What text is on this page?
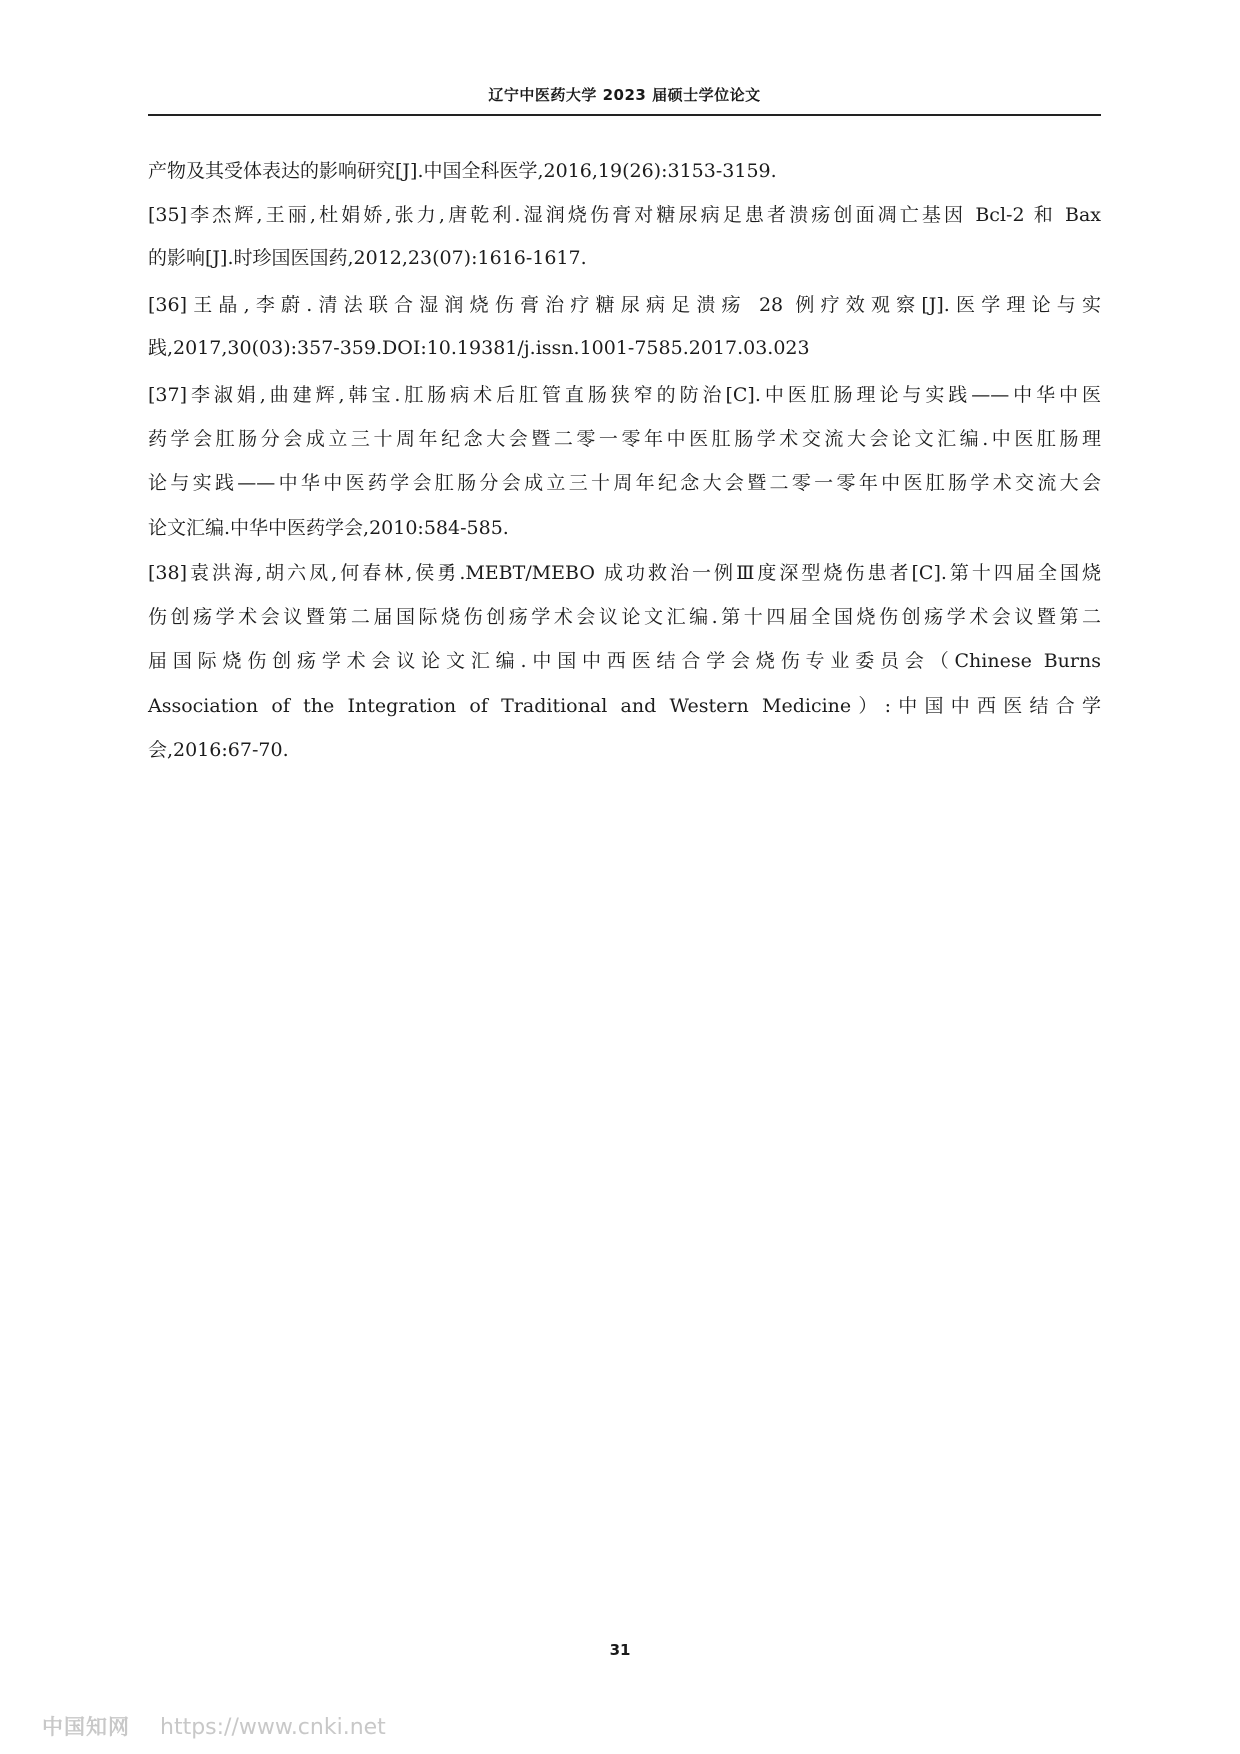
辽宁中医药大学 2023 届硕士学位论文
产物及其受体表达的影响研究[J].中国全科医学,2016,19(26):3153-3159.
[35]李杰辉,王丽,杜娟娇,张力,唐乾利.湿润烧伤膏对糖尿病足患者溃疡创面凋亡基因 Bcl-2 和 Bax
的影响[J].时珍国医国药,2012,23(07):1616-1617.
[36]王晶,李蔚.清法联合湿润烧伤膏治疗糖尿病足溃疡 28 例疗效观察[J].医学理论与实
践,2017,30(03):357-359.DOI:10.19381/j.issn.1001-7585.2017.03.023
[37]李淑娟,曲建辉,韩宝.肛肠病术后肛管直肠狭窄的防治[C].中医肛肠理论与实践——中华中医
药学会肛肠分会成立三十周年纪念大会暨二零一零年中医肛肠学术交流大会论文汇编.中医肛肠理
论与实践——中华中医药学会肛肠分会成立三十周年纪念大会暨二零一零年中医肛肠学术交流大会
论文汇编.中华中医药学会,2010:584-585.
[38]袁洪海,胡六凤,何春林,侯勇.MEBT/MEBO 成功救治一例Ⅲ度深型烧伤患者[C].第十四届全国烧
伤创疡学术会议暨第二届国际烧伤创疡学术会议论文汇编.第十四届全国烧伤创疡学术会议暨第二
届国际烧伤创疡学术会议论文汇编.中国中西医结合学会烧伤专业委员会（Chinese Burns
Association of the Integration of Traditional and Western Medicine）:中国中西医结合学
会,2016:67-70.
31
中国知网 https://www.cnki.net
